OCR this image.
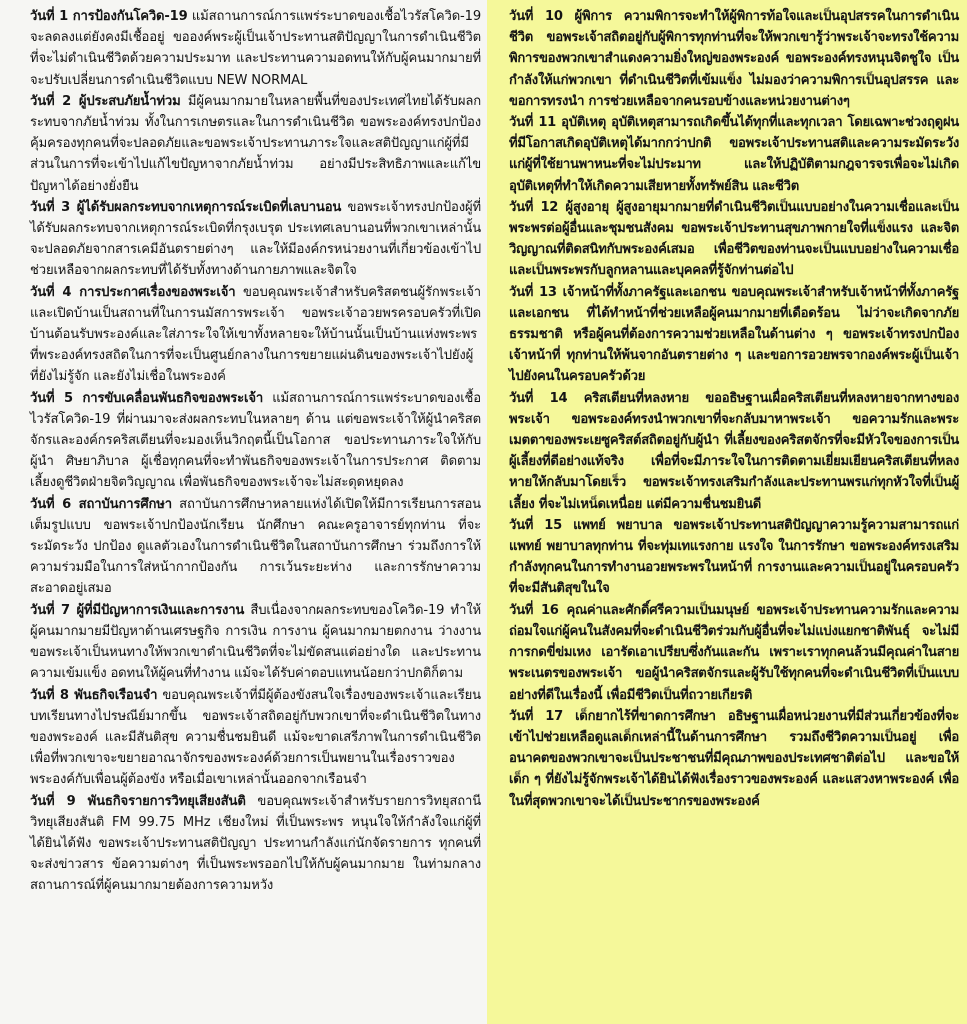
วันที่ 1 การป้องกันโควิด-19 แม้สถานการณ์การแพร่ระบาดของเชื้อไวรัสโควิด-19 จะลดลงแต่ยังคงมีเชื้ออยู่ ขอองค์พระผู้เป็นเจ้าประทานสติปัญญาในการดำเนินชีวิตที่จะไม่ดำเนินชีวิตด้วยความประมาท และประทานความอดทนให้กับผู้คนมากมายที่จะปรับเปลี่ยนการดำเนินชีวิตแบบ NEW NORMAL

วันที่ 2 ผู้ประสบภัยน้ำท่วม มีผู้คนมากมายในหลายพื้นที่ของประเทศไทยได้รับผลกระทบจากภัยน้ำท่วม ทั้งในการเกษตรและในการดำเนินชีวิต ขอพระองค์ทรงปกป้อง คุ้มครองทุกคนที่จะปลอดภัยและขอพระเจ้าประทานภาระใจและสติปัญญาแก่ผู้ที่มีส่วนในการที่จะเข้าไปแก้ไขปัญหาจากภัยน้ำท่วม อย่างมีประสิทธิภาพและแก้ไขปัญหาได้อย่างยั่งยืน

วันที่ 3 ผู้ได้รับผลกระทบจากเหตุการณ์ระเบิดที่เลบานอน ขอพระเจ้าทรงปกป้องผู้ที่ได้รับผลกระทบจากเหตุการณ์ระเบิดที่กรุงเบรุต ประเทศเลบานอนที่พวกเขาเหล่านั้น จะปลอดภัยจากสารเคมีอันตรายต่างๆ และให้มีองค์กรหน่วยงานที่เกี่ยวข้องเข้าไปช่วยเหลือจากผลกระทบที่ได้รับทั้งทางด้านกายภาพและจิตใจ

วันที่ 4 การประกาศเรื่องของพระเจ้า ขอบคุณพระเจ้าสำหรับคริสตชนผู้รักพระเจ้าและเปิดบ้านเป็นสถานที่ในการนมัสการพระเจ้า ขอพระเจ้าอวยพรครอบครัวที่เปิดบ้านต้อนรับพระองค์และใส่ภาระใจให้เขาทั้งหลายจะให้บ้านนั้นเป็นบ้านแห่งพระพรที่พระองค์ทรงสถิตในการที่จะเป็นศูนย์กลางในการขยายแผ่นดินของพระเจ้าไปยังผู้ที่ยังไม่รู้จัก และยังไม่เชื่อในพระองค์

วันที่ 5 การขับเคลื่อนพันธกิจของพระเจ้า แม้สถานการณ์การแพร่ระบาดของเชื้อไวรัสโควิด-19 ที่ผ่านมาจะส่งผลกระทบในหลายๆ ด้าน แต่ขอพระเจ้าให้ผู้นำคริสตจักรและองค์กรคริสเตียนที่จะมองเห็นวิกฤตนี้เป็นโอกาส ขอประทานภาระใจให้กับผู้นำ ศิษยาภิบาล ผู้เชื่อทุกคนที่จะทำพันธกิจของพระเจ้าในการประกาศ ติดตาม เลี้ยงดูชีวิตฝ่ายจิตวิญญาณ เพื่อพันธกิจของพระเจ้าจะไม่สะดุดหยุดลง

วันที่ 6 สถาบันการศึกษา สถาบันการศึกษาหลายแห่งได้เปิดให้มีการเรียนการสอนเต็มรูปแบบ ขอพระเจ้าปกป้องนักเรียน นักศึกษา คณะครูอาจารย์ทุกท่าน ที่จะระมัดระวัง ปกป้อง ดูแลตัวเองในการดำเนินชีวิตในสถาบันการศึกษา ร่วมถึงการให้ความร่วมมือในการใส่หน้ากากป้องกัน การเว้นระยะห่าง และการรักษาความสะอาดอยู่เสมอ

วันที่ 7 ผู้ที่มีปัญหาการเงินและการงาน สืบเนื่องจากผลกระทบของโควิด-19 ทำให้ผู้คนมากมายมีปัญหาด้านเศรษฐกิจ การเงิน การงาน ผู้คนมากมายตกงาน ว่างงาน ขอพระเจ้าเป็นหนทางให้พวกเขาดำเนินชีวิตที่จะไม่ขัดสนแต่อย่างใด และประทานความเข้มแข็ง อดทนให้ผู้คนที่ทำงาน แม้จะได้รับค่าตอบแทนน้อยกว่าปกติก็ตาม

วันที่ 8 พันธกิจเรือนจำ ขอบคุณพระเจ้าที่มีผู้ต้องขังสนใจเรื่องของพระเจ้าและเรียนบทเรียนทางไปรษณีย์มากขึ้น ขอพระเจ้าสถิตอยู่กับพวกเขาที่จะดำเนินชีวิตในทางของพระองค์ และมีสันติสุข ความชื่นชมยินดี แม้จะขาดเสรีภาพในการดำเนินชีวิต เพื่อที่พวกเขาจะขยายอาณาจักรของพระองค์ด้วยการเป็นพยานในเรื่องราวของพระองค์กับเพื่อนผู้ต้องขัง หรือเมื่อเขาเหล่านั้นออกจากเรือนจำ

วันที่ 9 พันธกิจรายการวิทยุเสียงสันติ ขอบคุณพระเจ้าสำหรับรายการวิทยุสถานีวิทยุเสียงสันติ FM 99.75 MHz เชียงใหม่ ที่เป็นพระพร หนุนใจให้กำลังใจแก่ผู้ที่ได้ยินได้ฟัง ขอพระเจ้าประทานสติปัญญา ประทานกำลังแก่นักจัดรายการ ทุกคนที่จะส่งข่าวสาร ข้อความต่างๆ ที่เป็นพระพรออกไปให้กับผู้คนมากมาย ในท่ามกลางสถานการณ์ที่ผู้คนมากมายต้องการความหวัง

วันที่ 10 ผู้พิการ ความพิการจะทำให้ผู้พิการท้อใจและเป็นอุปสรรคในการดำเนินชีวิต ขอพระเจ้าสถิตอยู่กับผู้พิการทุกท่านที่จะให้พวกเขารู้ว่าพระเจ้าจะทรงใช้ความพิการของพวกเขาสำแดงความยิ่งใหญ่ของพระองค์ ขอพระองค์ทรงหนุนจิตชูใจ เป็นกำลังให้แก่พวกเขา ที่ดำเนินชีวิตที่เข้มแข็ง ไม่มองว่าความพิการเป็นอุปสรรค และขอการทรงนำ การช่วยเหลือจากคนรอบข้างและหน่วยงานต่างๆ

วันที่ 11 อุบัติเหตุ อุบัติเหตุสามารถเกิดขึ้นได้ทุกที่และทุกเวลา โดยเฉพาะช่วงฤดูฝนที่มีโอกาสเกิดอุบัติเหตุได้มากกว่าปกติ ขอพระเจ้าประทานสติและความระมัดระวังแก่ผู้ที่ใช้ยานพาหนะที่จะไม่ประมาท และให้ปฏิบัติตามกฎจารจรเพื่อจะไม่เกิดอุบัติเหตุที่ทำให้เกิดความเสียหายทั้งทรัพย์สิน และชีวิต

วันที่ 12 ผู้สูงอายุ ผู้สูงอายุมากมายที่ดำเนินชีวิตเป็นแบบอย่างในความเชื่อและเป็นพระพรต่อผู้อื่นและชุมชนสังคม ขอพระเจ้าประทานสุขภาพกายใจที่แข็งแรง และจิตวิญญาณที่ติดสนิทกับพระองค์เสมอ เพื่อชีวิตของท่านจะเป็นแบบอย่างในความเชื่อและเป็นพระพรกับลูกหลานและบุคคลที่รู้จักท่านต่อไป

วันที่ 13 เจ้าหน้าที่ทั้งภาครัฐและเอกชน ขอบคุณพระเจ้าสำหรับเจ้าหน้าที่ทั้งภาครัฐและเอกชน ที่ได้ทำหน้าที่ช่วยเหลือผู้คนมากมายที่เดือดร้อน ไม่ว่าจะเกิดจากภัยธรรมชาติ หรือผู้คนที่ต้องการความช่วยเหลือในด้านต่าง ๆ ขอพระเจ้าทรงปกป้องเจ้าหน้าที่ ทุกท่านให้พ้นจากอันตรายต่าง ๆ และขอการอวยพรจากองค์พระผู้เป็นเจ้าไปยังคนในครอบครัวด้วย

วันที่ 14 คริสเตียนที่หลงหาย ขออธิษฐานเผื่อคริสเตียนที่หลงหายจากทางของพระเจ้า ขอพระองค์ทรงนำพวกเขาที่จะกลับมาหาพระเจ้า ขอความรักและพระเมตตาของพระเยซูคริสต์สถิตอยู่กับผู้นำ ที่เลี้ยงของคริสตจักรที่จะมีหัวใจของการเป็นผู้เลี้ยงที่ดีอย่างแท้จริง เพื่อที่จะมีภาระใจในการติดตามเยี่ยมเยียนคริสเตียนที่หลงหายให้กลับมาโดยเร็ว ขอพระเจ้าทรงเสริมกำลังและประทานพรแก่ทุกหัวใจที่เป็นผู้เลี้ยง ที่จะไม่เหน็ดเหนื่อย แต่มีความชื่นชมยินดี

วันที่ 15 แพทย์ พยาบาล ขอพระเจ้าประทานสติปัญญาความรู้ความสามารถแก่แพทย์ พยาบาลทุกท่าน ที่จะทุ่มเทแรงกาย แรงใจ ในการรักษา ขอพระองค์ทรงเสริมกำลังทุกคนในการทำงานอวยพระพรในหน้าที่ การงานและความเป็นอยู่ในครอบครัว ที่จะมีสันติสุขในใจ

วันที่ 16 คุณค่าและศักดิ์ศรีความเป็นมนุษย์ ขอพระเจ้าประทานความรักและความถ่อมใจแก่ผู้คนในสังคมที่จะดำเนินชีวิตร่วมกับผู้อื่นที่จะไม่แบ่งแยกชาติพันธุ์ จะไม่มีการกดขี่ข่มเหง เอารัดเอาเปรียบซึ่งกันและกัน เพราะเราทุกคนล้วนมีคุณค่าในสายพระเนตรของพระเจ้า ขอผู้นำคริสตจักรและผู้รับใช้ทุกคนที่จะดำเนินชีวิตที่เป็นแบบอย่างที่ดีในเรื่องนี้ เพื่อมีชีวิตเป็นที่ถวายเกียรติ

วันที่ 17 เด็กยากไร้ที่ขาดการศึกษา อธิษฐานเผื่อหน่วยงานที่มีส่วนเกี่ยวข้องที่จะเข้าไปช่วยเหลือดูแลเด็กเหล่านี้ในด้านการศึกษา รวมถึงชีวิตความเป็นอยู่ เพื่ออนาคตของพวกเขาจะเป็นประชาชนที่มีคุณภาพของประเทศชาติต่อไป และขอให้เด็ก ๆ ที่ยังไม่รู้จักพระเจ้าได้ยินได้ฟังเรื่องราวของพระองค์ และแสวงหาพระองค์ เพื่อในที่สุดพวกเขาจะได้เป็นประชากรของพระองค์
